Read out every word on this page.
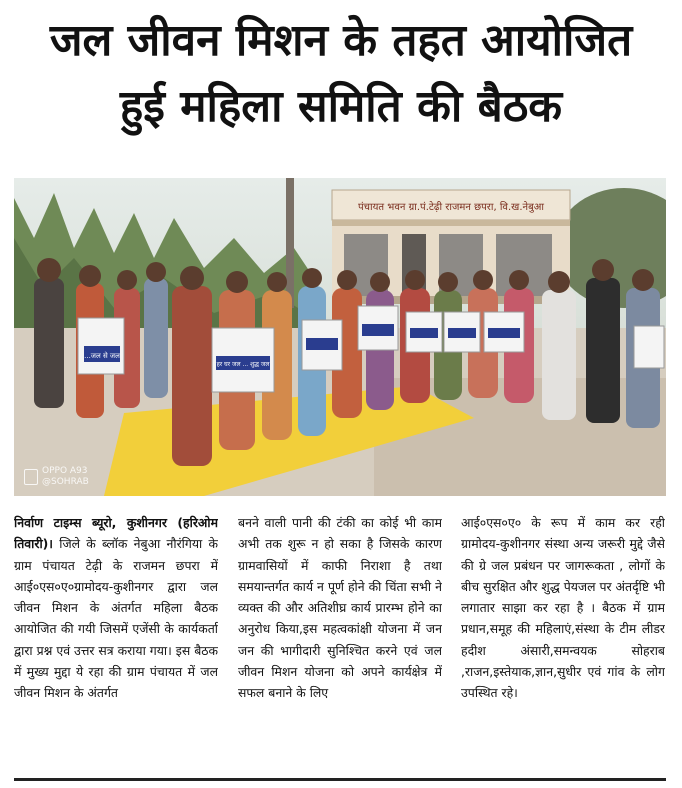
जल जीवन मिशन के तहत आयोजित
हुई महिला समिति की बैठक
पंचायत भवन ग्रा.पं.टेढ़ी राजमन छपरा, वि.ख.नेबुआ
...जल से जल
हर घर जल ... शुद्ध जल
OPPO A93
@SOHRAB
निर्वाण टाइम्स ब्यूरो, कुशीनगर (हरिओम तिवारी)। जिले के ब्लॉक नेबुआ नौरंगिया के ग्राम पंचायत टेढ़ी के राजमन छपरा में आई०एस०ए०ग्रामोदय-कुशीनगर द्वारा जल जीवन मिशन के अंतर्गत महिला बैठक आयोजित की गयी जिसमें एजेंसी के कार्यकर्ता द्वारा प्रश्न एवं उत्तर सत्र कराया गया। इस बैठक में मुख्य मुद्दा ये रहा की ग्राम पंचायत में जल जीवन मिशन के अंतर्गत
बनने वाली पानी की टंकी का कोई भी काम अभी तक शुरू न हो सका है जिसके कारण ग्रामवासियों में काफी निराशा है तथा समयान्तर्गत कार्य न पूर्ण होने की चिंता सभी ने व्यक्त की और अतिशीघ्र कार्य प्रारम्भ होने का अनुरोध किया,इस महत्वकांक्षी योजना में जन जन की भागीदारी सुनिश्चित करने एवं जल जीवन मिशन योजना को अपने कार्यक्षेत्र में सफल बनाने के लिए
आई०एस०ए० के रूप में काम कर रही ग्रामोदय-कुशीनगर संस्था अन्य जरूरी मुद्दे जैसे की ग्रे जल प्रबंधन पर जागरूकता , लोगों के बीच सुरक्षित और शुद्ध पेयजल पर अंतर्दृष्टि भी लगातार साझा कर रहा है । बैठक में ग्राम प्रधान,समूह की महिलाएं,संस्था के टीम लीडर हदीश अंसारी,समन्वयक सोहराब ,राजन,इस्तेयाक,ज्ञान,सुधीर एवं गांव के लोग उपस्थित रहे।
